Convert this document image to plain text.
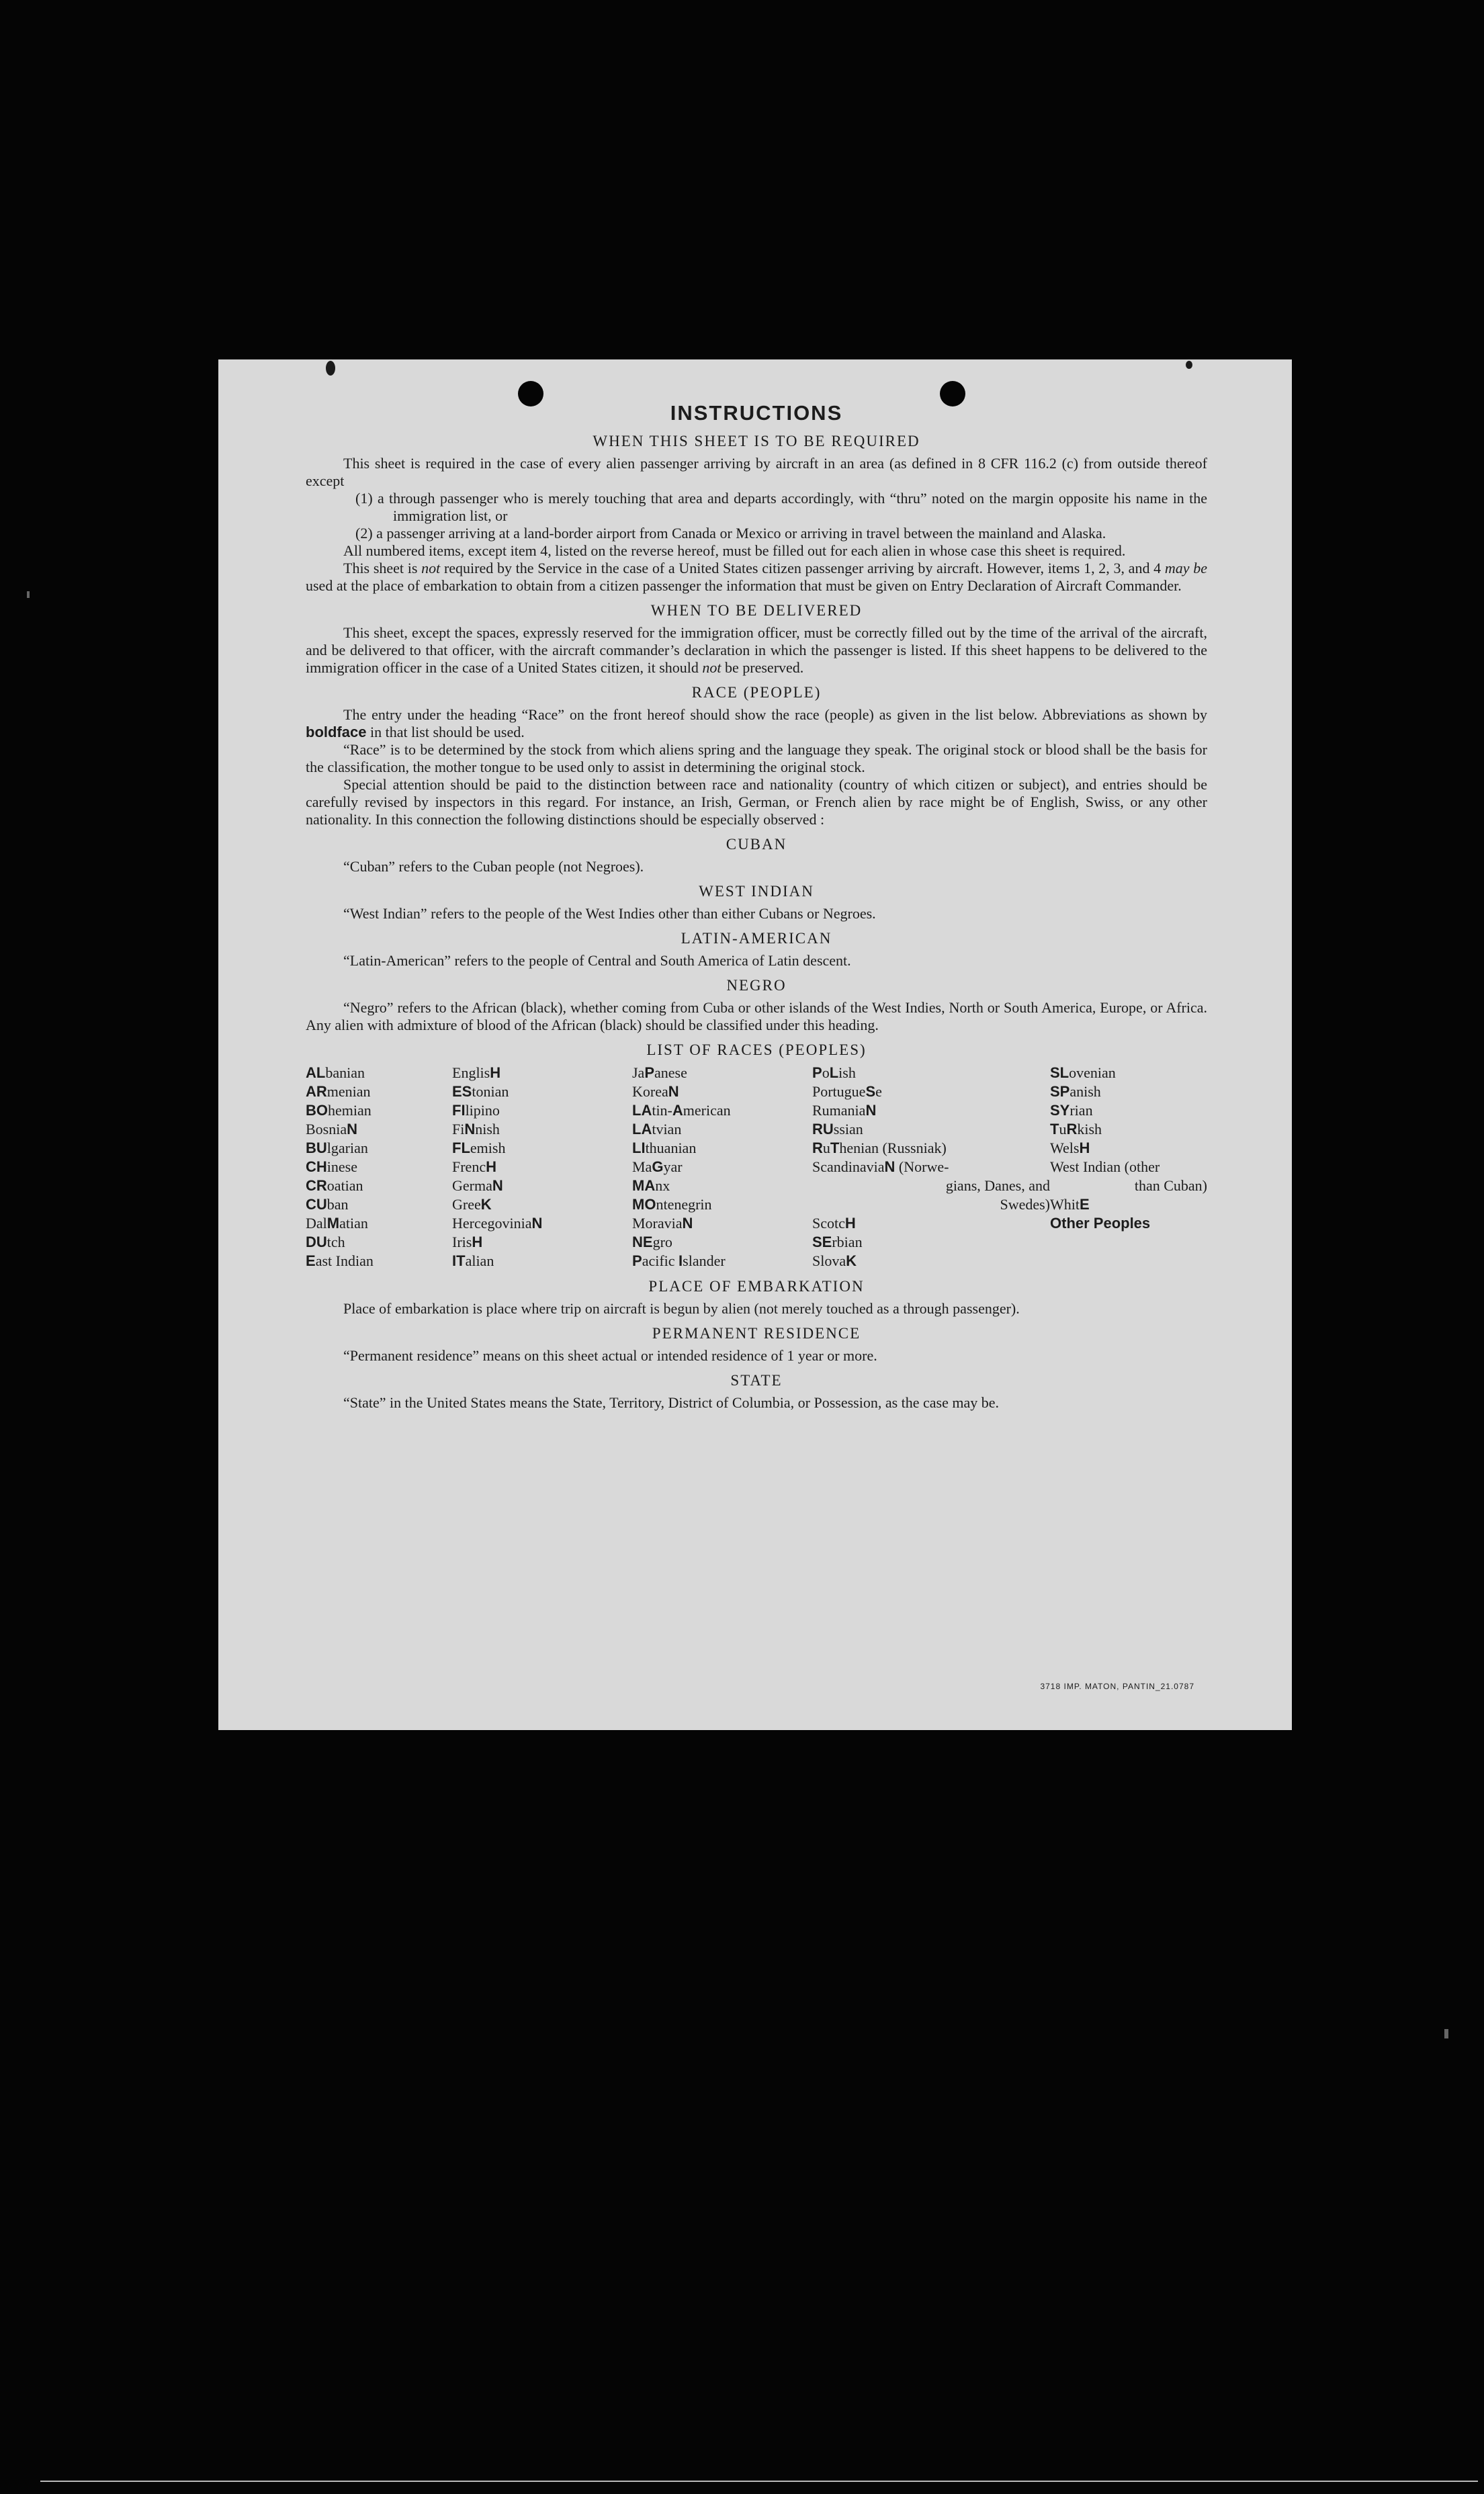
INSTRUCTIONS
WHEN THIS SHEET IS TO BE REQUIRED

This sheet is required in the case of every alien passenger arriving by aircraft in an area (as defined in 8 CFR 116.2 (c) from outside thereof except

(1) a through passenger who is merely touching that area and departs accordingly, with “thru” noted on the margin opposite his name in the immigration list, or

(2) a passenger arriving at a land-border airport from Canada or Mexico or arriving in travel between the mainland and Alaska.

All numbered items, except item 4, listed on the reverse hereof, must be filled out for each alien in whose case this sheet is required.

This sheet is not required by the Service in the case of a United States citizen passenger arriving by aircraft. However, items 1, 2, 3, and 4 may be used at the place of embarkation to obtain from a citizen passenger the information that must be given on Entry Declaration of Aircraft Commander.

WHEN TO BE DELIVERED

This sheet, except the spaces, expressly reserved for the immigration officer, must be correctly filled out by the time of the arrival of the aircraft, and be delivered to that officer, with the aircraft commander’s declaration in which the passenger is listed. If this sheet happens to be delivered to the immigration officer in the case of a United States citizen, it should not be preserved.

RACE (PEOPLE)

The entry under the heading “Race” on the front hereof should show the race (people) as given in the list below. Abbreviations as shown by boldface in that list should be used.

“Race” is to be determined by the stock from which aliens spring and the language they speak. The original stock or blood shall be the basis for the classification, the mother tongue to be used only to assist in determining the original stock.

Special attention should be paid to the distinction between race and nationality (country of which citizen or subject), and entries should be carefully revised by inspectors in this regard. For instance, an Irish, German, or French alien by race might be of English, Swiss, or any other nationality. In this connection the following distinctions should be especially observed :

CUBAN

“Cuban” refers to the Cuban people (not Negroes).

WEST INDIAN

“West Indian” refers to the people of the West Indies other than either Cubans or Negroes.

LATIN-AMERICAN

“Latin-American” refers to the people of Central and South America of Latin descent.

NEGRO

“Negro” refers to the African (black), whether coming from Cuba or other islands of the West Indies, North or South America, Europe, or Africa. Any alien with admixture of blood of the African (black) should be classified under this heading.

LIST OF RACES (PEOPLES)
ALbanian
ARmenian
BOhemian
BosniaN
BUlgarian
CHinese
CRoatian
CUban
DalMatian
DUtch
East Indian
EnglisH
EStonian
FIlipino
FiNnish
FLemish
FrencH
GermaN
GreeK
HercegoviniaN
IrisH
ITalian
JaPanese
KoreaN
LAtin-American
LAtvian
LIthuanian
MaGyar
MAnx
MOntenegrin
MoraviaN
NEgro
Pacific Islander
PoLish
PortugueSe
RumaniaN
RUssian
RuThenian (Russniak)
ScandinaviaN (Norwe-
gians, Danes, and
Swedes)
ScotcH
SErbian
SlovaK
SLovenian
SPanish
SYrian
TuRkish
WelsH
West Indian (other
than Cuban)
WhitE
Other Peoples
PLACE OF EMBARKATION

Place of embarkation is place where trip on aircraft is begun by alien (not merely touched as a through passenger).

PERMANENT RESIDENCE

“Permanent residence” means on this sheet actual or intended residence of 1 year or more.

STATE

“State” in the United States means the State, Territory, District of Columbia, or Possession, as the case may be.

3718 IMP. MATON, PANTIN_21.0787
